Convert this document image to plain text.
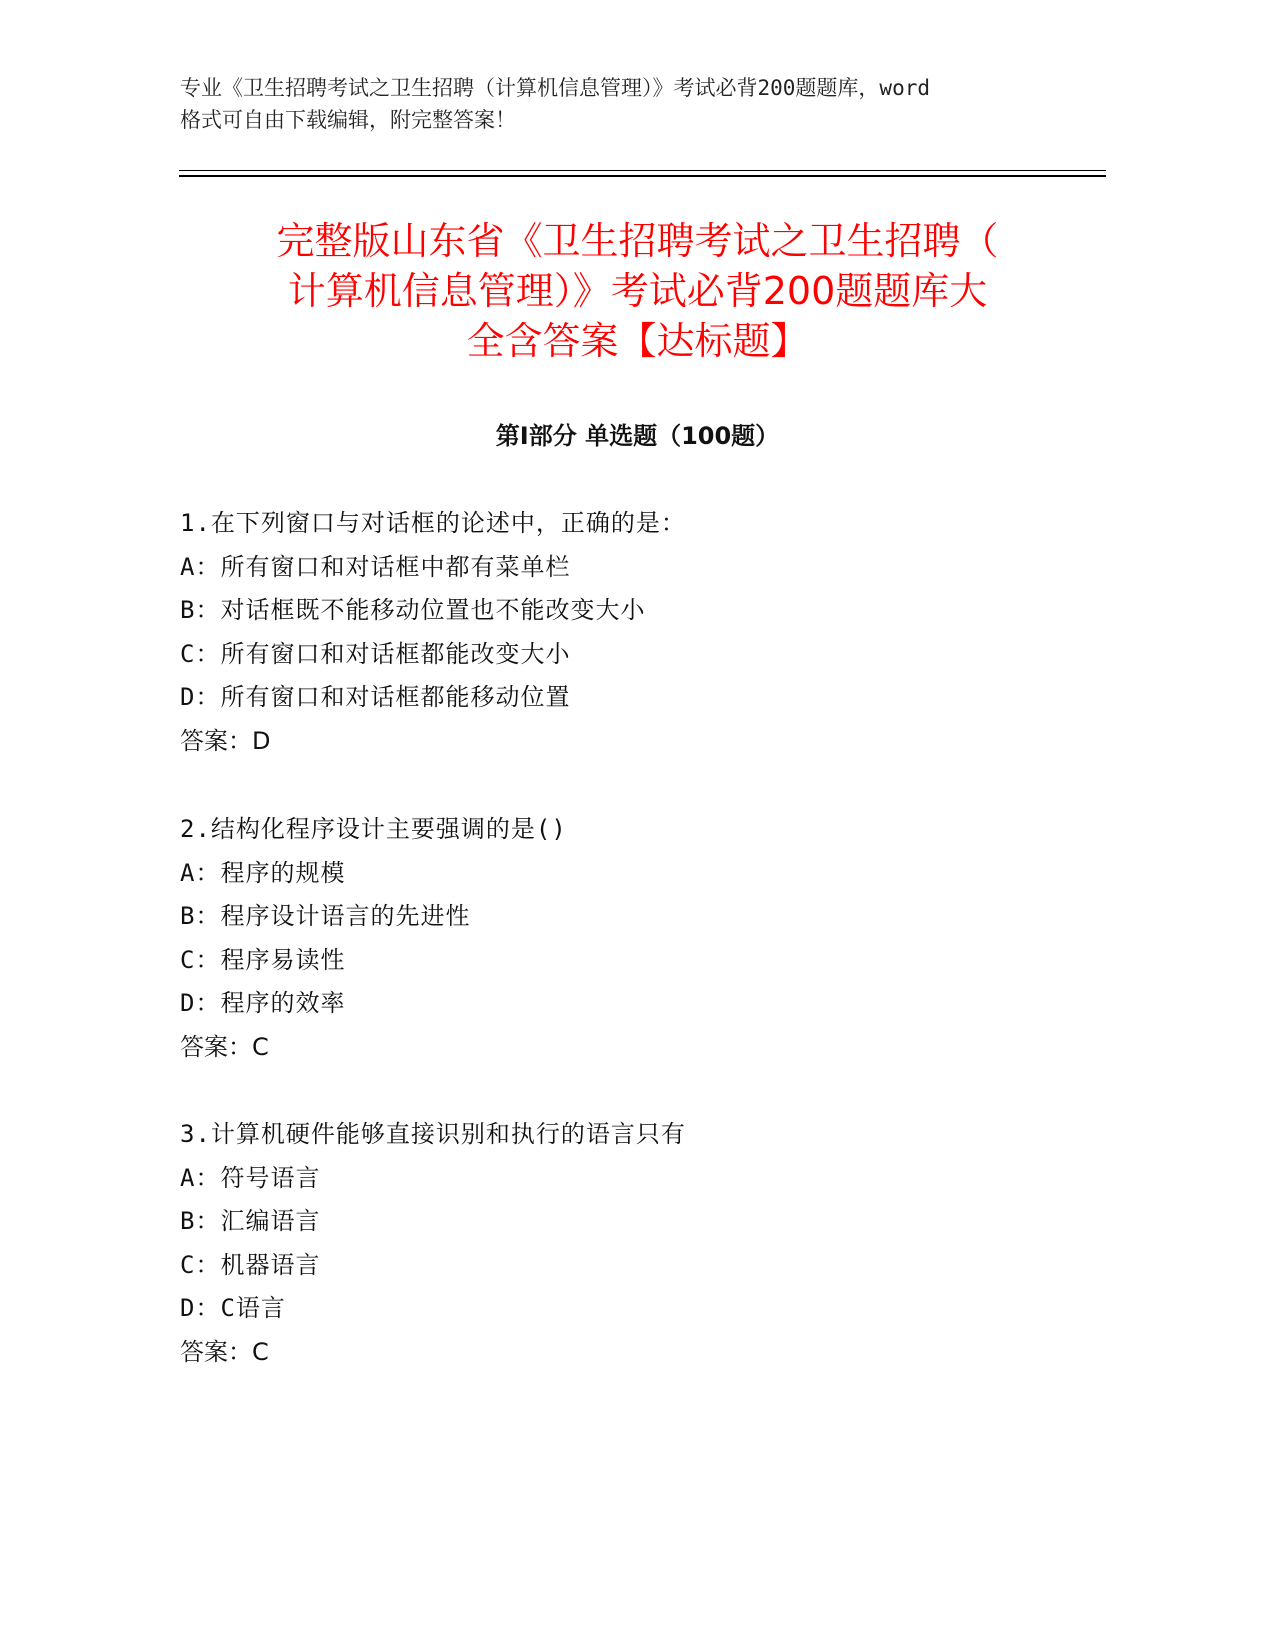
专业《卫生招聘考试之卫生招聘（计算机信息管理）》考试必背200题题库，word
格式可自由下载编辑，附完整答案！
完整版山东省《卫生招聘考试之卫生招聘（
计算机信息管理）》考试必背200题题库大
全含答案【达标题】
第Ⅰ部分 单选题（100题）
1.在下列窗口与对话框的论述中，正确的是：
A：所有窗口和对话框中都有菜单栏
B：对话框既不能移动位置也不能改变大小
C：所有窗口和对话框都能改变大小
D：所有窗口和对话框都能移动位置
答案：D
2.结构化程序设计主要强调的是()
A：程序的规模
B：程序设计语言的先进性
C：程序易读性
D：程序的效率
答案：C
3.计算机硬件能够直接识别和执行的语言只有
A：符号语言
B：汇编语言
C：机器语言
D：C语言
答案：C
